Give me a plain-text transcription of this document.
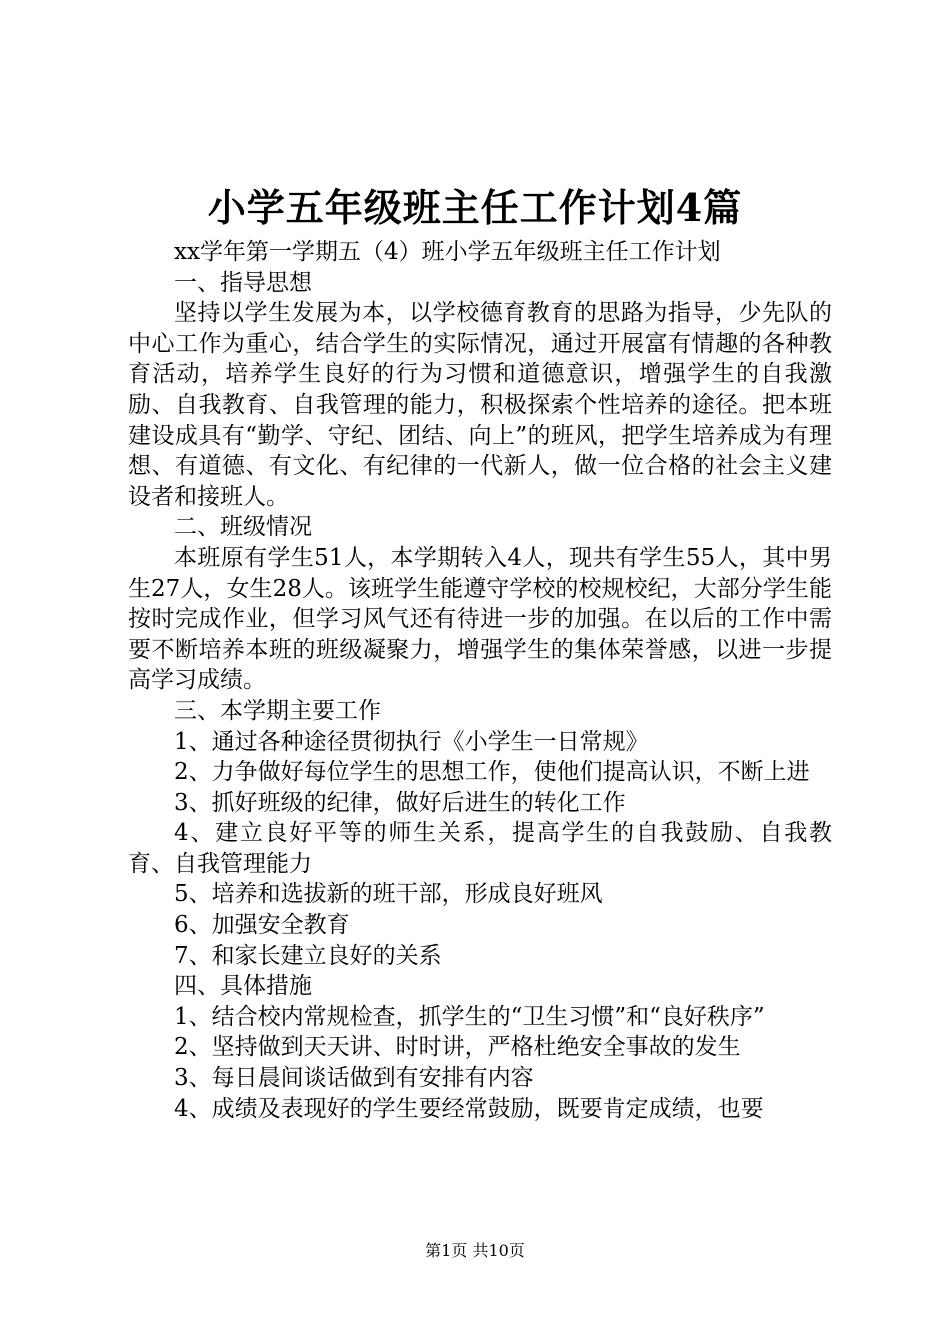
小学五年级班主任工作计划4篇

xx学年第一学期五（4）班小学五年级班主任工作计划

一、指导思想

坚持以学生发展为本，以学校德育教育的思路为指导，少先队的中心工作为重心，结合学生的实际情况，通过开展富有情趣的各种教育活动，培养学生良好的行为习惯和道德意识，增强学生的自我激励、自我教育、自我管理的能力，积极探索个性培养的途径。把本班建设成具有“勤学、守纪、团结、向上”的班风，把学生培养成为有理想、有道德、有文化、有纪律的一代新人，做一位合格的社会主义建设者和接班人。

二、班级情况

本班原有学生51人，本学期转入4人，现共有学生55人，其中男生27人，女生28人。该班学生能遵守学校的校规校纪，大部分学生能按时完成作业，但学习风气还有待进一步的加强。在以后的工作中需要不断培养本班的班级凝聚力，增强学生的集体荣誉感，以进一步提高学习成绩。

三、本学期主要工作

1、通过各种途径贯彻执行《小学生一日常规》

2、力争做好每位学生的思想工作，使他们提高认识，不断上进

3、抓好班级的纪律，做好后进生的转化工作

4、建立良好平等的师生关系，提高学生的自我鼓励、自我教育、自我管理能力

5、培养和选拔新的班干部，形成良好班风

6、加强安全教育

7、和家长建立良好的关系

四、具体措施

1、结合校内常规检查，抓学生的“卫生习惯”和“良好秩序”

2、坚持做到天天讲、时时讲，严格杜绝安全事故的发生

3、每日晨间谈话做到有安排有内容

4、成绩及表现好的学生要经常鼓励，既要肯定成绩，也要

第1页 共10页
